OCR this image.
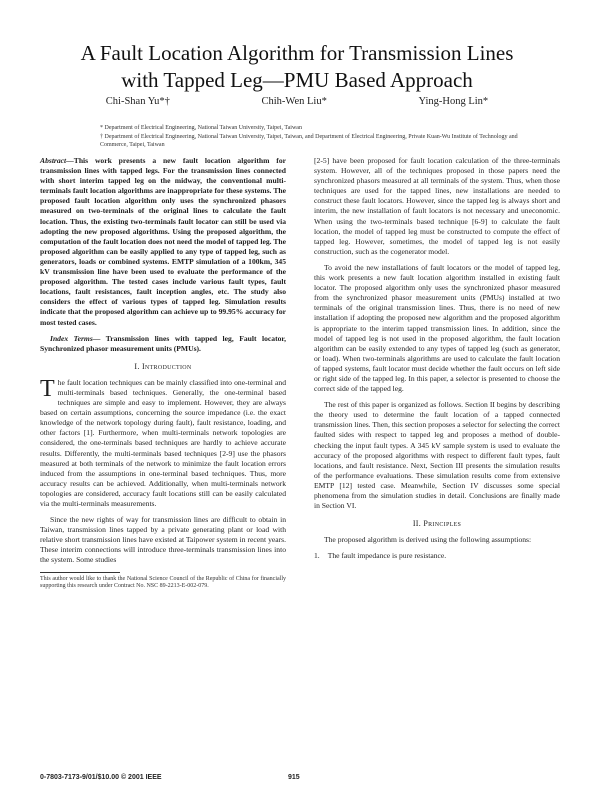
A Fault Location Algorithm for Transmission Lines
with Tapped Leg—PMU Based Approach
Chi-Shan Yu*†	Chih-Wen Liu*	Ying-Hong Lin*
* Department of Electrical Engineering, National Taiwan University, Taipei, Taiwan
† Department of Electrical Engineering, National Taiwan University, Taipei, Taiwan, and Department of Electrical Engineering, Private Kuan-Wu Institute of Technology and Commerce, Taipei, Taiwan

Abstract—This work presents a new fault location algorithm for transmission lines with tapped legs. For the transmission lines connected with short interim tapped leg on the midway, the conventional multi-terminals fault location algorithms are inappropriate for these systems. The proposed fault location algorithm only uses the synchronized phasors measured on two-terminals of the original lines to calculate the fault location. Thus, the existing two-terminals fault locator can still be used via adopting the new proposed algorithms. Using the proposed algorithm, the computation of the fault location does not need the model of tapped leg. The proposed algorithm can be easily applied to any type of tapped leg, such as generators, loads or combined systems. EMTP simulation of a 100km, 345 kV transmission line have been used to evaluate the performance of the proposed algorithm. The tested cases include various fault types, fault locations, fault resistances, fault inception angles, etc. The study also considers the effect of various types of tapped leg. Simulation results indicate that the proposed algorithm can achieve up to 99.95% accuracy for most tested cases.

Index Terms— Transmission lines with tapped leg, Fault locator, Synchronized phasor measurement units (PMUs).

I. Introduction

The fault location techniques can be mainly classified into one-terminal and multi-terminals based techniques. Generally, the one-terminal based techniques are simple and easy to implement. However, they are always based on certain assumptions, concerning the source impedance (i.e. the exact knowledge of the network topology during fault), fault resistance, loading, and other factors [1]. Furthermore, when multi-terminals network topologies are considered, the one-terminals based techniques are hardly to achieve accurate results. Differently, the multi-terminals based techniques [2-9] use the phasors measured at both terminals of the network to minimize the fault location errors induced from the assumptions in one-terminal based techniques. Thus, more accuracy results can be achieved. Additionally, when multi-terminals network topologies are considered, accuracy fault locations still can be easily calculated via the multi-terminals measurements.

Since the new rights of way for transmission lines are difficult to obtain in Taiwan, transmission lines tapped by a private generating plant or load with relative short transmission lines have existed at Taipower system in recent years. These interim connections will introduce three-terminals transmission lines into the system. Some studies

This author would like to thank the National Science Council of the Republic of China for financially supporting this research under Contract No. NSC 89-2213-E-002-079.

[2-5] have been proposed for fault location calculation of the three-terminals system. However, all of the techniques proposed in those papers need the synchronized phasors measured at all terminals of the system. Thus, when those techniques are used for the tapped lines, new installations are needed to construct these fault locators. However, since the tapped leg is always short and interim, the new installation of fault locators is not necessary and uneconomic. When using the two-terminals based technique [6-9] to calculate the fault location, the model of tapped leg must be constructed to compute the effect of tapped leg. However, sometimes, the model of tapped leg is not easily construction, such as the cogenerator model.

To avoid the new installations of fault locators or the model of tapped leg, this work presents a new fault location algorithm installed in existing fault locator. The proposed algorithm only uses the synchronized phasor measured from the synchronized phasor measurement units (PMUs) installed at two terminals of the original transmission lines. Thus, there is no need of new installation if adopting the proposed new algorithm and the proposed algorithm is appropriate to the interim tapped transmission lines. In addition, since the model of tapped leg is not used in the proposed algorithm, the fault location algorithm can be easily extended to any types of tapped leg (such as generator, or load). When two-terminals algorithms are used to calculate the fault location of tapped systems, fault locator must decide whether the fault occurs on left side or right side of the tapped leg. In this paper, a selector is presented to choose the correct side of the tapped leg.

The rest of this paper is organized as follows. Section II begins by describing the theory used to determine the fault location of a tapped connected transmission lines. Then, this section proposes a selector for selecting the correct faulted sides with respect to tapped leg and proposes a method of double-checking the input fault types. A 345 kV sample system is used to evaluate the accuracy of the proposed algorithms with respect to different fault types, fault locations, and fault resistance. Next, Section III presents the simulation results of the performance evaluations. These simulation results come from extensive EMTP [12] tested case. Meanwhile, Section IV discusses some special phenomena from the simulation studies in detail. Conclusions are finally made in Section VI.

II. Principles

The proposed algorithm is derived using the following assumptions:

1. The fault impedance is pure resistance.
0-7803-7173-9/01/$10.00 © 2001 IEEE	915
